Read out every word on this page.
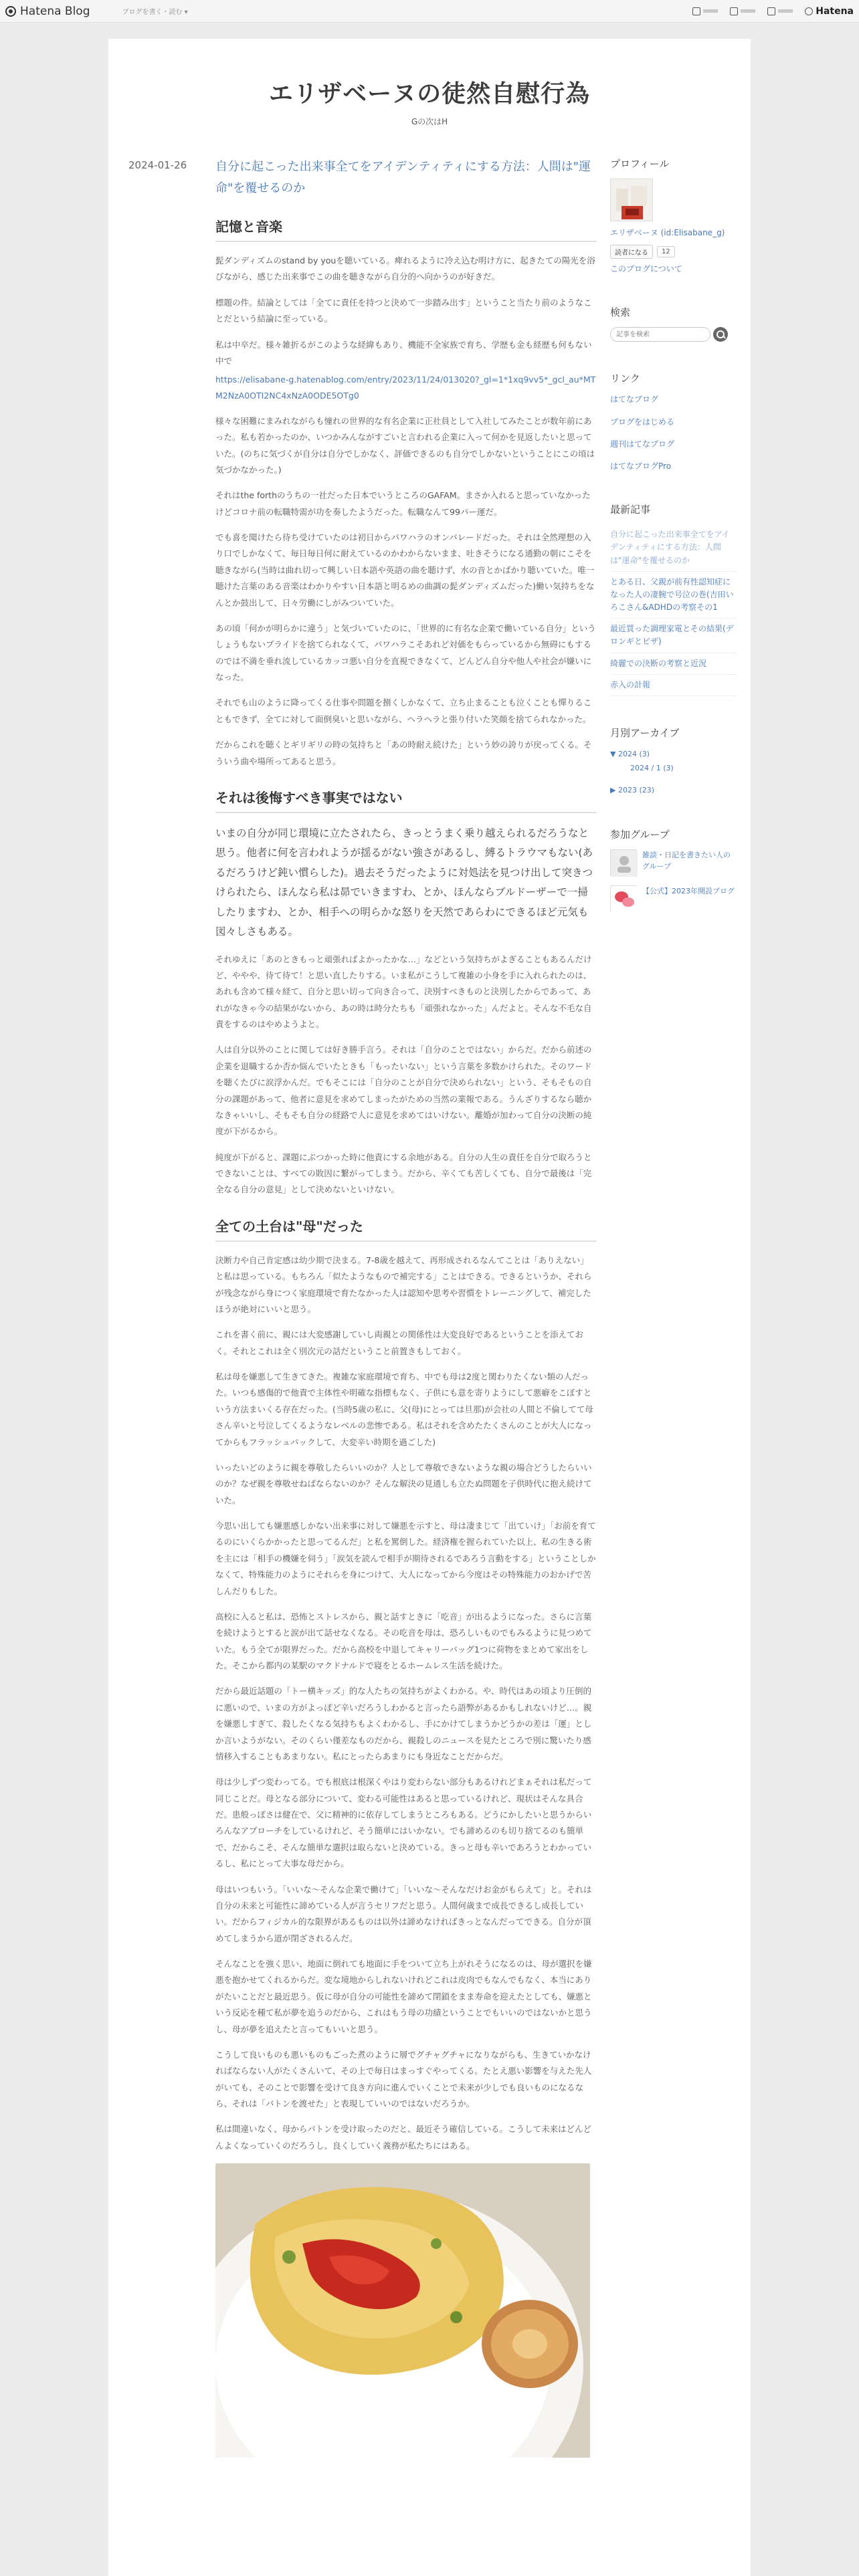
Hatena Blog	ブログを書く・読む ▾	Hatena
エリザベーヌの徒然自慰行為
Gの次はH
2024-01-26 自分に起こった出来事全てをアイデンティティにする方法：人間は"運命"を覆せるのか
記憶と音楽

髭ダンディズムのstand by youを聴いている。痺れるように冷え込む明け方に、起きたての陽光を浴びながら、感じた出来事でこの曲を聴きながら自分的へ向かうのが好きだ。

標題の件。結論としては「全てに責任を持つと決めて一歩踏み出す」ということ当たり前のようなことだという結論に至っている。

私は中卒だ。様々雑折るがこのような経緯もあり、機能不全家族で育ち、学歴も金も経歴も何もない中で

https://elisabane-g.hatenablog.com/entry/2023/11/24/013020?_gl=1*1xq9vv5*_gcl_au*MTM2NzA0OTI2NC4xNzA0ODE5OTg0

様々な困難にまみれながらも憧れの世界的な有名企業に正社員として入社してみたことが数年前にあった。私も若かったのか、いつかみんながすごいと言われる企業に入って何かを見返したいと思っていた。(のちに気づくが自分は自分でしかなく、評価できるのも自分でしかないということにこの頃は気づかなかった。)

それはthe forthのうちの一社だった日本でいうところのGAFAM。まさか入れると思っていなかったけどコロナ前の転職特需が功を奏したようだった。転職なんて99パー運だ。

でも喜を聞けたら待ち受けていたのは初日からパワハラのオンパレードだった。それは全然理想の入り口でしかなくて、毎日毎日何に耐えているのかわからないまま、吐きそうになる通勤の朝にこそを聴きながら(当時は曲れ切って興しい日本語や英語の曲を聴けず、水の音とかばかり聴いていた。唯一聴けた言葉のある音楽はわかりやすい日本語と明るめの曲調の髭ダンディズムだった)働い気持ちをなんとか鼓出して、日々労働にしがみついていた。

あの頃「何かが明らかに違う」と気づいていたのに、「世界的に有名な企業で働いている自分」というしょうもないプライドを捨てられなくて、パワハラこそあれど対価をもらっているから無碍にもするのでは不満を垂れ流しているカッコ悪い自分を直視できなくて、どんどん自分や他人や社会が嫌いになった。

それでも山のように降ってくる仕事や問題を捌くしかなくて、立ち止まることも泣くことも憚りることもできず、全てに対して面倒臭いと思いながら、ヘラヘラと張り付いた笑顔を捨てられなかった。

だからこれを聴くとギリギリの時の気持ちと「あの時耐え続けた」という妙の誇りが戻ってくる。そういう曲や場所ってあると思う。

それは後悔すべき事実ではない

いまの自分が同じ環境に立たされたら、きっとうまく乗り越えられるだろうなと思う。他者に何を言われようが揺るがない強さがあるし、縛るトラウマもない(あるだろうけど鈍い慣らした)。過去そうだったように対処法を見つけ出して突きつけられたら、ほんなら私は昴でいきますわ、とか、ほんならブルドーザーで一掃したりますわ、とか、相手への明らかな怒りを天然であらわにできるほど元気も図々しさもある。

それゆえに「あのときもっと頑張ればよかったかな…」などという気持ちがよぎることもあるんだけど、ややや、待て待て！と思い直したりする。いま私がこうして複雑の小身を手に入れられたのは、あれも含めて様々経て、自分と思い切って向き合って、決別すべきものと決別したからであって、あれがなきゃ今の結果がないから、あの時は時分たちも「頑張れなかった」んだよと。そんな不毛な自責をするのはやめようよと。

人は自分以外のことに関しては好き勝手言う。それは「自分のことではない」からだ。だから前述の企業を退職するか否か悩んでいたときも「もったいない」という言葉を多数かけられた。そのワードを聴くたびに涙浮かんだ。でもそこには「自分のことが自分で決められない」という、そもそもの自分の課題があって、他者に意見を求めてしまったがための当然の業報である。うんざりするなら聴かなきゃいいし、そもそも自分の経路で人に意見を求めてはいけない。離婚が加わって自分の決断の純度が下がるから。

純度が下がると、課題にぶつかった時に他責にする余地がある。自分の人生の責任を自分で取ろうとできないことは、すべての敗因に繋がってしまう。だから、辛くても苦しくても、自分で最後は「完全なる自分の意見」として決めないといけない。

全ての土台は"母"だった

決断力や自己肯定感は幼少期で決まる。7-8歳を越えて、再形成されるなんてことは「ありえない」と私は思っている。もちろん「似たようなもので補完する」ことはできる。できるというか、それらが残念ながら身につく家庭環境で育たなかった人は認知や思考や習慣をトレーニングして、補完したほうが絶対にいいと思う。

これを書く前に、親には大変感謝していし両親との関係性は大変良好であるということを添えておく。それとこれは全く別次元の話だということ前置きもしておく。

私は母を嫌悪して生きてきた。複雑な家庭環境で育ち、中でも母は2度と関わりたくない類の人だった。いつも感傷的で他責で主体性や明確な指標もなく、子供にも意を寄りようにして悪癖をこぼすという方法まいくる存在だった。(当時5歳の私に、父(母)にとっては旦那)が会社の人間と不倫してて母さん辛いと号泣してくるようなレベルの悲惨である。私はそれを含めたたくさんのことが大人になってからもフラッシュバックして、大変辛い時期を過ごした)

いったいどのように親を尊敬したらいいのか？人として尊敬できないような親の場合どうしたらいいのか？なぜ親を尊敬せねばならないのか？そんな解決の見通しも立たぬ問題を子供時代に抱え続けていた。

今思い出しても嫌悪感しかない出来事に対して嫌悪を示すと、母は凄まじて「出ていけ」「お前を育てるのにいくらかかったと思ってるんだ」と私を罵倒した。経済権を握られていた以上、私の生きる術を主には「相手の機嫌を伺う」「涙気を読んで相手が期待されるであろう言動をする」ということしかなくて、特殊能力のようにそれらを身につけて、大人になってから今度はその特殊能力のおかげで苦しんだりもした。

高校に入ると私は、恐怖とストレスから、親と話すときに「吃音」が出るようになった。さらに言葉を続けようとすると涙が出て話せなくなる。その吃音を母は、恐ろしいものでもみるように見つめていた。もう全てが限界だった。だから高校を中退してキャリーバッグ1つに荷物をまとめて家出をした。そこから都内の某駅のマクドナルドで寝をとるホームレス生活を続けた。

だから最近話題の「トー横キッズ」的な人たちの気持ちがよくわかる。や、時代はあの頃より圧倒的に悪いので、いまの方がよっぽど辛いだろうしわかると言ったら語弊があるかもしれないけど…。親を嫌悪しすぎて、殺したくなる気持ちもよくわかるし、手にかけてしまうかどうかの差は「運」としか言いようがない。そのくらい僅差なものだから、親殺しのニュースを見たところで別に驚いたり感情移入することもあまりない。私にとったらあまりにも身近なことだからだ。

母は少しずつ変わってる。でも根底は根深くやはり変わらない部分もあるけれどまぁそれは私だって同じことだ。母となる部分について、変わる可能性はあると思っているけれど、現状はそんな具合だ。患般っぽさは健在で、父に精神的に依存してしまうところもある。どうにかしたいと思うからいろんなアプローチをしているけれど、そう簡単にはいかない。でも諦めるのも切り捨てるのも簡単で、だからこそ、そんな簡単な選択は取らないと決めている。きっと母も辛いであろうとわかっているし、私にとって大事な母だから。

母はいつもいう。「いいな〜そんな企業で働けて」「いいな〜そんなだけお金がもらえて」と。それは自分の未来と可能性に諦めている人が言うセリフだと思う。人間何歳まで成長できるし成長していい。だからフィジカル的な限界があるものは以外は諦めなければきっとなんだってできる。自分が頂めてしまうから道が閉ざされるんだ。

そんなことを強く思い、地面に倒れても地面に手をついて立ち上がれそうになるのは、母が選択を嫌悪を抱かせてくれるからだ。変な境地からしれないけれどこれは皮肉でもなんでもなく、本当にありがたいことだと最近思う。仮に母が自分の可能性を諦めて閉鎖をまま寿命を迎えたとしても、嫌悪という反応を種て私が夢を追うのだから、これはもう母の功績ということでもいいのではないかと思うし、母が夢を追えたと言ってもいいと思う。

こうして良いものも悪いものもごった煮のように層でグチャグチャになりながらも、生きていかなければならない人がたくさんいて、その上で毎日はまっすぐやってくる。たとえ悪い影響を与えた先人がいても、そのことで影響を受けて良き方向に進んでいくことで未来が少しでも良いものになるなら、それは「バトンを渡せた」と表現していいのではないだろうか。

私は間違いなく、母からバトンを受け取ったのだと、最近そう確信している。こうして未来はどんどんよくなっていくのだろうし、良くしていく義務が私たちにはある。

プロフィール
エリザベーヌ (id:Elisabane_g)
読者になる	12
このブログについて
検索
記事を検索
リンク
はてなブログ
ブログをはじめる
週刊はてなブログ
はてなブログPro
最新記事
自分に起こった出来事全てをアイデンティティにする方法：人間は"運命"を覆せるのか
とある日、父親が前有性認知症になった人の凄腕で号泣の巻(吉田いろこさん&ADHDの考察その1
最近買った調理家電とその結果(デロンギとビザ)
綺麗での決断の考察と近況
赤入の計報
月別アーカイブ
▼ 2024 (3)
2024 / 1 (3)
▶ 2023 (23)
参加グループ
雑談・日記を書きたい人のグループ
【公式】2023年開設ブログ
